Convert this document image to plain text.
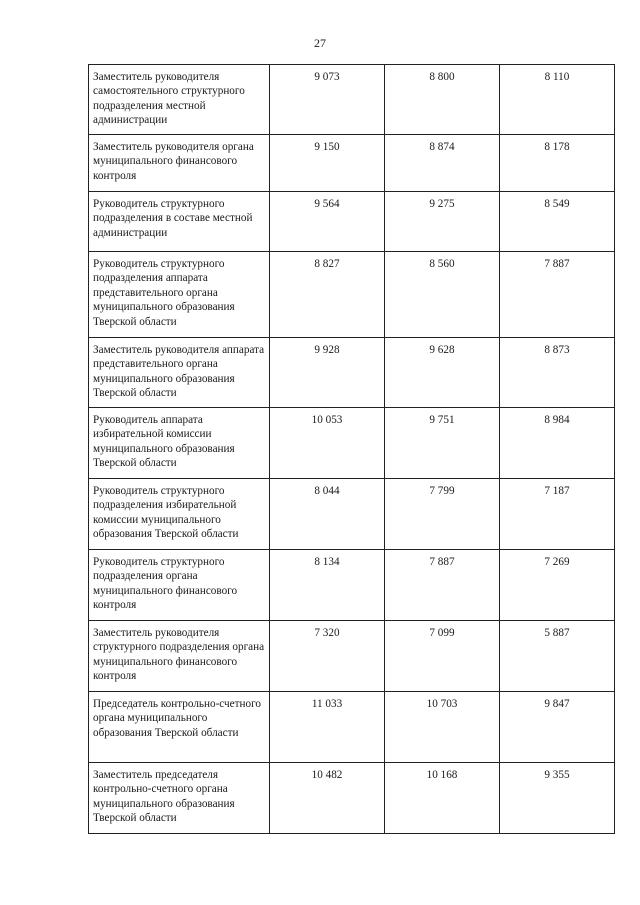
27
Заместитель руководителя самостоятельного структурного подразделения местной администрации	9 073	8 800	8 110
Заместитель руководителя органа муниципального финансового контроля	9 150	8 874	8 178
Руководитель структурного подразделения в составе местной администрации	9 564	9 275	8 549
Руководитель структурного подразделения аппарата представительного органа муниципального образования Тверской области	8 827	8 560	7 887
Заместитель руководителя аппарата представительного органа муниципального образования Тверской области	9 928	9 628	8 873
Руководитель аппарата избирательной комиссии муниципального образования Тверской области	10 053	9 751	8 984
Руководитель структурного подразделения избирательной комиссии муниципального образования Тверской области	8 044	7 799	7 187
Руководитель структурного подразделения органа муниципального финансового контроля	8 134	7 887	7 269
Заместитель руководителя структурного подразделения органа муниципального финансового контроля	7 320	7 099	5 887
Председатель контрольно-счетного органа муниципального образования Тверской области	11 033	10 703	9 847
Заместитель председателя контрольно-счетного органа муниципального образования Тверской области	10 482	10 168	9 355
